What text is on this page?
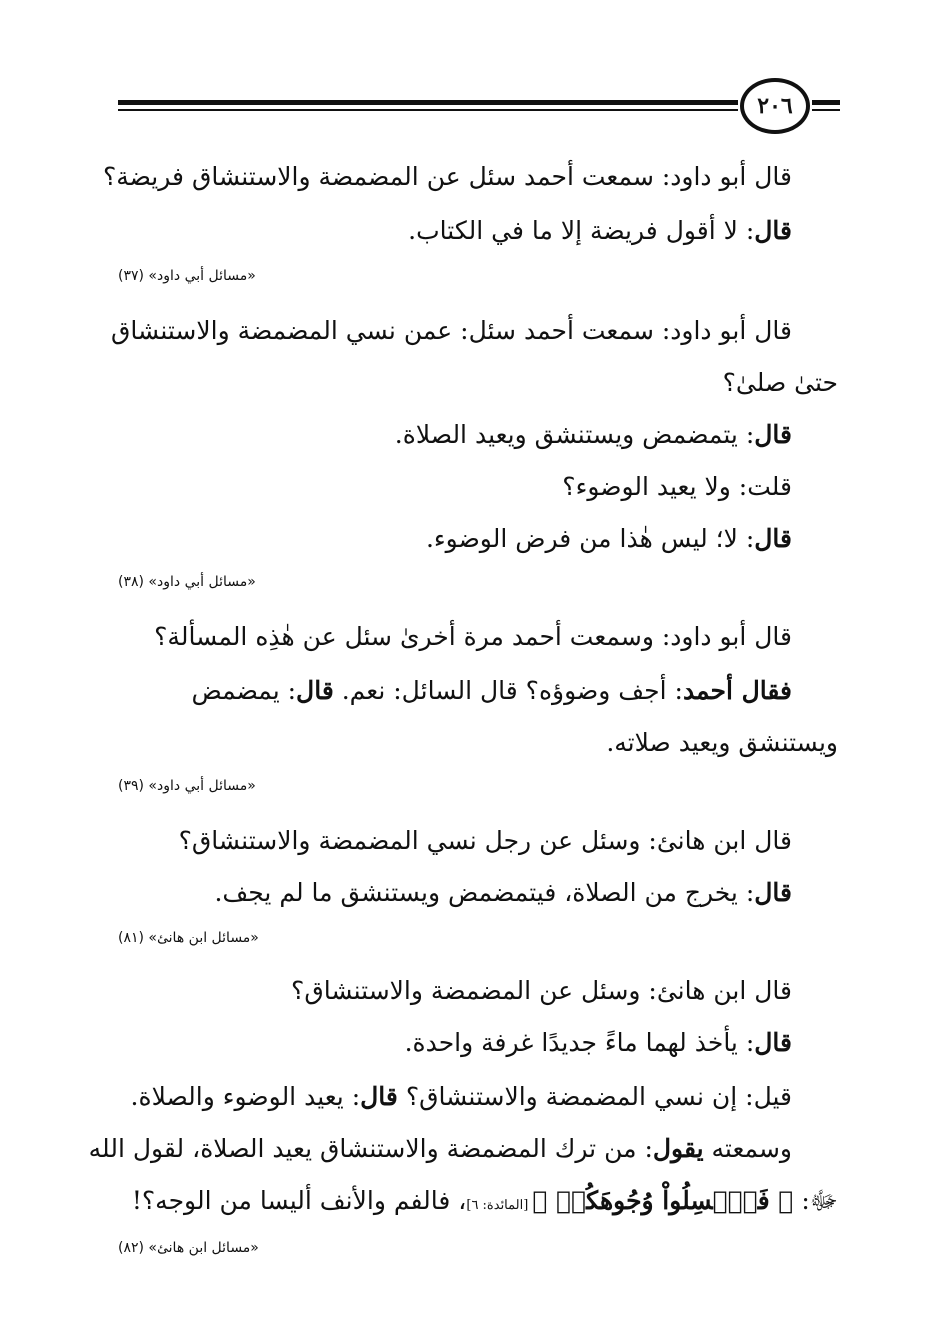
٢٠٦
قال أبو داود: سمعت أحمد سئل عن المضمضة والاستنشاق فريضة؟
قال: لا أقول فريضة إلا ما في الكتاب.
«مسائل أبي داود» (٣٧)
قال أبو داود: سمعت أحمد سئل: عمن نسي المضمضة والاستنشاق
حتىٰ صلىٰ؟
قال: يتمضمض ويستنشق ويعيد الصلاة.
قلت: ولا يعيد الوضوء؟
قال: لا؛ ليس هٰذا من فرض الوضوء.
«مسائل أبي داود» (٣٨)
قال أبو داود: وسمعت أحمد مرة أخرىٰ سئل عن هٰذِه المسألة؟
فقال أحمد: أجف وضوؤه؟ قال السائل: نعم. قال: يمضمض
ويستنشق ويعيد صلاته.
«مسائل أبي داود» (٣٩)
قال ابن هانئ: وسئل عن رجل نسي المضمضة والاستنشاق؟
قال: يخرج من الصلاة، فيتمضمض ويستنشق ما لم يجف.
«مسائل ابن هانئ» (٨١)
قال ابن هانئ: وسئل عن المضمضة والاستنشاق؟
قال: يأخذ لهما ماءً جديدًا غرفة واحدة.
قيل: إن نسي المضمضة والاستنشاق؟ قال: يعيد الوضوء والصلاة.
وسمعته يقول: من ترك المضمضة والاستنشاق يعيد الصلاة، لقول الله
ﷻ: ﴿ فَٱغۡسِلُواْ وُجُوهَكُمۡ ﴾ [المائدة: ٦]، فالفم والأنف أليسا من الوجه؟!
«مسائل ابن هانئ» (٨٢)
